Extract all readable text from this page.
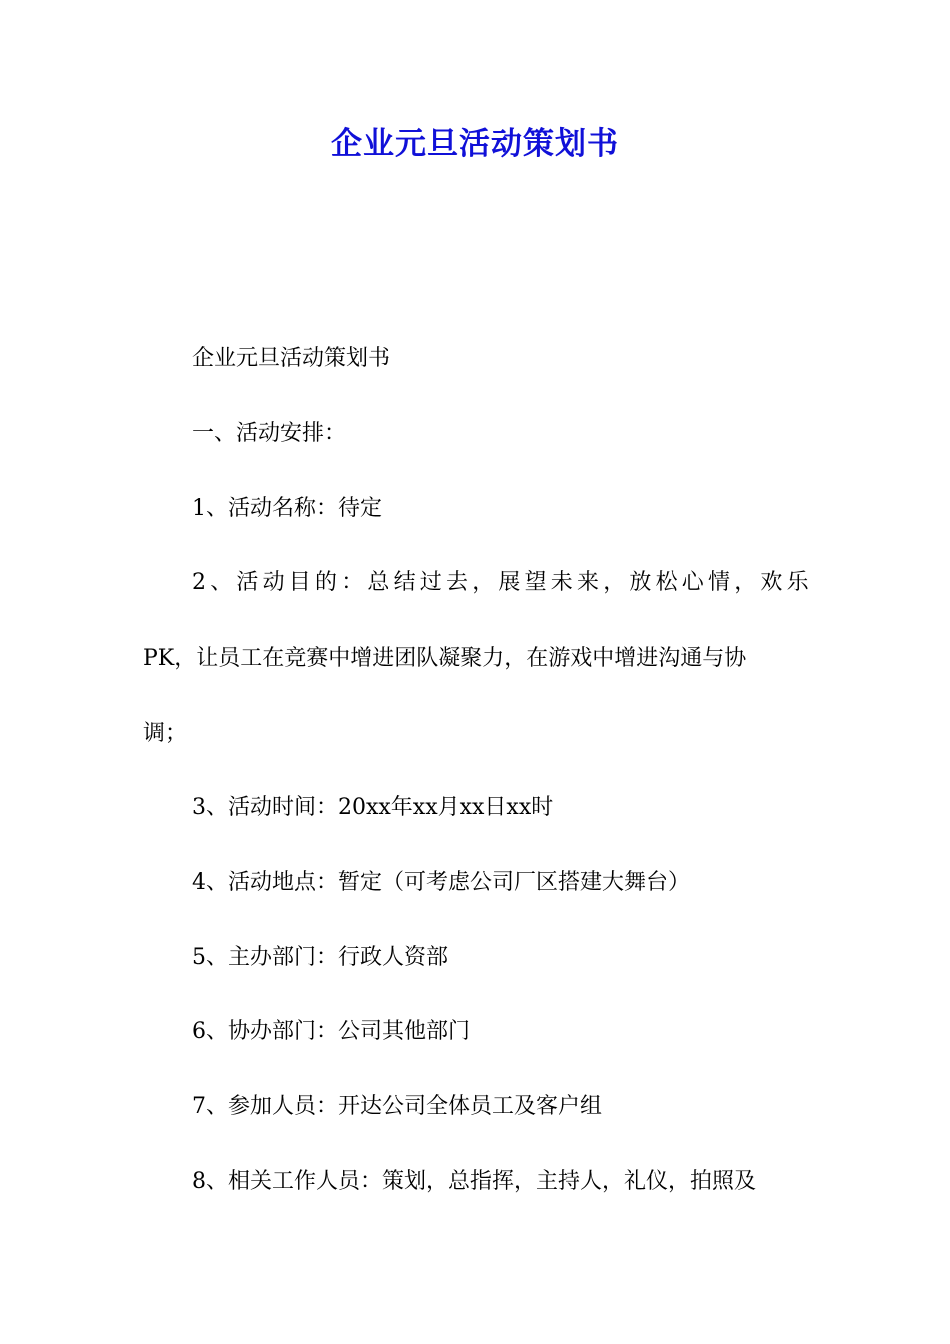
企业元旦活动策划书
企业元旦活动策划书
一、活动安排：
1、活动名称：待定
2、活动目的：总结过去，展望未来，放松心情，欢乐
PK，让员工在竞赛中增进团队凝聚力，在游戏中增进沟通与协
调；
3、活动时间：20xx年xx月xx日xx时
4、活动地点：暂定（可考虑公司厂区搭建大舞台）
5、主办部门：行政人资部
6、协办部门：公司其他部门
7、参加人员：开达公司全体员工及客户组
8、相关工作人员：策划，总指挥，主持人，礼仪，拍照及
